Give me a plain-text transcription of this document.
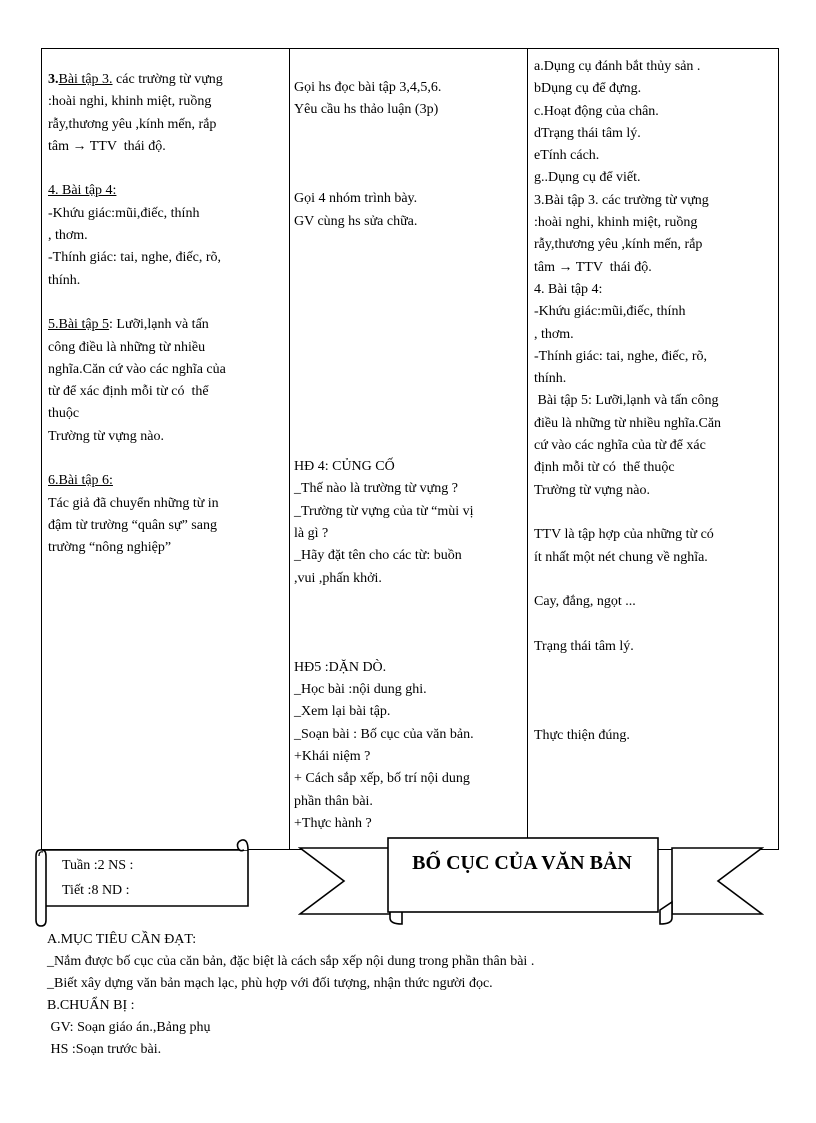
3.Bài tập 3. các trường từ vựng
:hoài nghi, khinh miệt, ruồng
rẫy,thương yêu ,kính mến, rắp
tâm → TTV  thái độ.
4. Bài tập 4:
-Khứu giác:mũi,điếc, thính
, thơm.
-Thính giác: tai, nghe, điếc, rõ,
thính.
5.Bài tập 5: Lưỡi,lạnh và tấn
công điều là những từ nhiều
nghĩa.Căn cứ vào các nghĩa của
từ để xác định mỗi từ có  thể
thuộc
Trường từ vựng nào.
6.Bài tập 6:
Tác giả đã chuyển những từ in
đậm từ trường “quân sự” sang
trường “nông nghiệp”
Gọi hs đọc bài tập 3,4,5,6.
Yêu cầu hs thảo luận (3p)
Gọi 4 nhóm trình bày.
GV cùng hs sửa chữa.
HĐ 4: CỦNG CỐ
_Thế nào là trường từ vựng ?
_Trường từ vựng của từ “mùi vị
là gì ?
_Hãy đặt tên cho các từ: buồn
,vui ,phấn khởi.
HĐ5 :DẶN DÒ.
_Học bài :nội dung ghi.
_Xem lại bài tập.
_Soạn bài : Bố cục của văn bản.
+Khái niệm ?
+ Cách sắp xếp, bố trí nội dung
phần thân bài.
+Thực hành ?
a.Dụng cụ đánh bắt thủy sản .
bDụng cụ để đựng.
c.Hoạt động của chân.
dTrạng thái tâm lý.
eTính cách.
g..Dụng cụ để viết.
3.Bài tập 3. các trường từ vựng
:hoài nghi, khinh miệt, ruồng
rẫy,thương yêu ,kính mến, rắp
tâm → TTV  thái độ.
4. Bài tập 4:
-Khứu giác:mũi,điếc, thính
, thơm.
-Thính giác: tai, nghe, điếc, rõ,
thính.
Bài tập 5: Lưỡi,lạnh và tấn công
điều là những từ nhiều nghĩa.Căn
cứ vào các nghĩa của từ để xác
định mỗi từ có  thể thuộc
Trường từ vựng nào.
TTV là tập hợp của những từ có
ít nhất một nét chung về nghĩa.
Cay, đắng, ngọt ...
Trạng thái tâm lý.
Thực thiện đúng.
Tuần :2 NS :
Tiết :8 ND :
BỐ CỤC CỦA VĂN BẢN
A.MỤC TIÊU CẦN ĐẠT:
_Nắm được bố cục của căn bản, đặc biệt là cách sắp xếp nội dung trong phần thân bài .
_Biết xây dựng văn bản mạch lạc, phù hợp với đối tượng, nhận thức người đọc.
B.CHUẨN BỊ :
GV: Soạn giáo án.,Bảng phụ
HS :Soạn trước bài.
